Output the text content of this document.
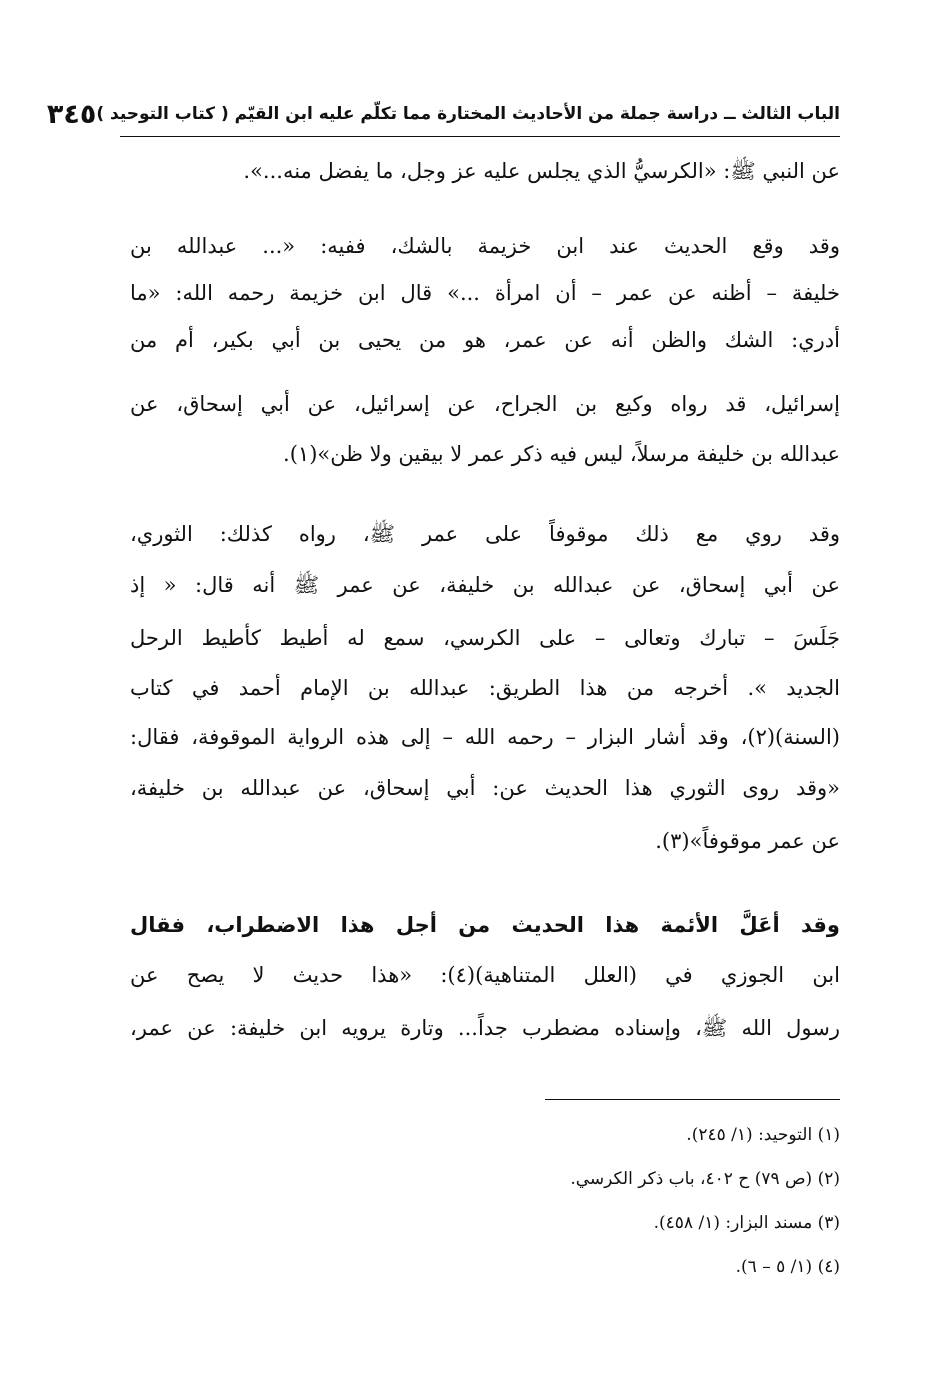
الباب الثالث ــ دراسة جملة من الأحاديث المختارة مما تكلّم عليه ابن القيّم ( كتاب التوحيد )
٣٤٥
عن النبي ﷺ: «الكرسيُّ الذي يجلس عليه عز وجل، ما يفضل منه...».
وقد وقع الحديث عند ابن خزيمة بالشك، ففيه: «... عبدالله بن
خليفة – أظنه عن عمر – أن امرأة ...» قال ابن خزيمة رحمه الله: «ما
أدري: الشك والظن أنه عن عمر، هو من يحيى بن أبي بكير، أم من
إسرائيل، قد رواه وكيع بن الجراح، عن إسرائيل، عن أبي إسحاق، عن
عبدالله بن خليفة مرسلاً، ليس فيه ذكر عمر لا بيقين ولا ظن»(١).
وقد روي مع ذلك موقوفاً على عمر ﷺ، رواه كذلك: الثوري،
عن أبي إسحاق، عن عبدالله بن خليفة، عن عمر ﷺ أنه قال: « إذ
جَلَسَ – تبارك وتعالى – على الكرسي، سمع له أطيط كأطيط الرحل
الجديد ». أخرجه من هذا الطريق: عبدالله بن الإمام أحمد في كتاب
(السنة)(٢)، وقد أشار البزار – رحمه الله – إلى هذه الرواية الموقوفة، فقال:
«وقد روى الثوري هذا الحديث عن: أبي إسحاق، عن عبدالله بن خليفة،
عن عمر موقوفاً»(٣).
وقد أعَلَّ الأئمة هذا الحديث من أجل هذا الاضطراب، فقال
ابن الجوزي في (العلل المتناهية)(٤): «هذا حديث لا يصح عن
رسول الله ﷺ، وإسناده مضطرب جداً... وتارة يرويه ابن خليفة: عن عمر،
(١) التوحيد: (١/ ٢٤٥).
(٢) (ص ٧٩) ح ٤٠٢، باب ذكر الكرسي.
(٣) مسند البزار: (١/ ٤٥٨).
(٤) (١/ ٥ – ٦).
